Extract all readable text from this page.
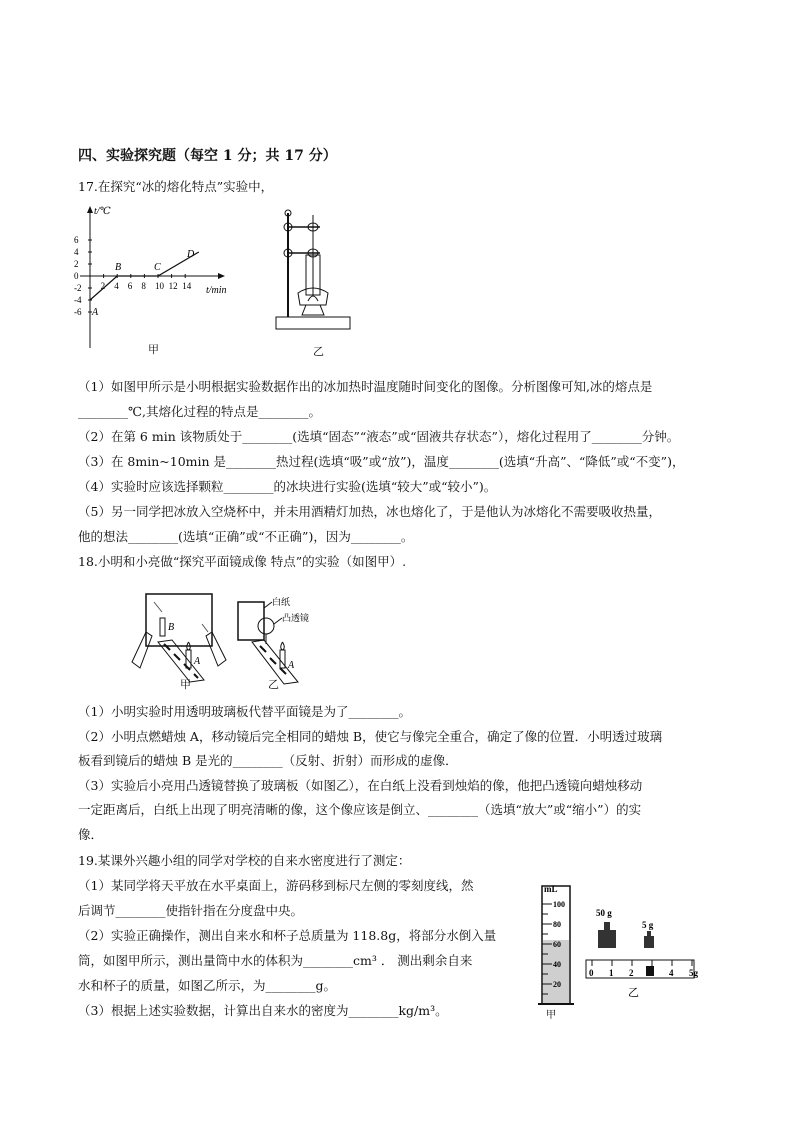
四、实验探究题（每空 1 分；共 17 分）
17.在探究“冰的熔化特点”实验中，
6
4
2
0
-2
-4
-6
2 4 6 8 10 12 14
t/℃
t/min
A
B	C
D
甲	乙
（1）如图甲所示是小明根据实验数据作出的冰加热时温度随时间变化的图像。分析图像可知,冰的熔点是
________℃,其熔化过程的特点是________。
（2）在第 6 min 该物质处于________(选填“固态”“液态”或“固液共存状态”），熔化过程用了________分钟。
（3）在 8min~10min 是________热过程(选填“吸”或“放”)，温度________(选填“升高”、“降低”或“不变”)，
（4）实验时应该选择颗粒________的冰块进行实验(选填“较大”或“较小”)。
（5）另一同学把冰放入空烧杯中，并未用酒精灯加热，冰也熔化了，于是他认为冰熔化不需要吸收热量，
他的想法________(选填“正确”或“不正确”)，因为________。
18.小明和小亮做“探究平面镜成像 特点”的实验（如图甲）.
B
A
白纸
凸透镜
A
甲	乙
（1）小明实验时用透明玻璃板代替平面镜是为了________。
（2）小明点燃蜡烛 A，移动镜后完全相同的蜡烛 B，使它与像完全重合，确定了像的位置．小明透过玻璃
板看到镜后的蜡烛 B 是光的________（反射、折射）而形成的虚像．
（3）实验后小亮用凸透镜替换了玻璃板（如图乙），在白纸上没看到烛焰的像，他把凸透镜向蜡烛移动
一定距离后，白纸上出现了明亮清晰的像，这个像应该是倒立、________（选填“放大”或“缩小”）的实
像．
19.某课外兴趣小组的同学对学校的自来水密度进行了测定：
（1）某同学将天平放在水平桌面上，游码移到标尺左侧的零刻度线，然
后调节________使指针指在分度盘中央。
（2）实验正确操作，测出自来水和杯子总质量为 118.8g，将部分水倒入量
筒，如图甲所示，测出量筒中水的体积为________cm³ ． 测出剩余自来
水和杯子的质量，如图乙所示，为________g。
（3）根据上述实验数据，计算出自来水的密度为________kg/m³。
mL
100
80
60
40
20
50 g
5 g
0 1 2	4 5g
甲
乙
